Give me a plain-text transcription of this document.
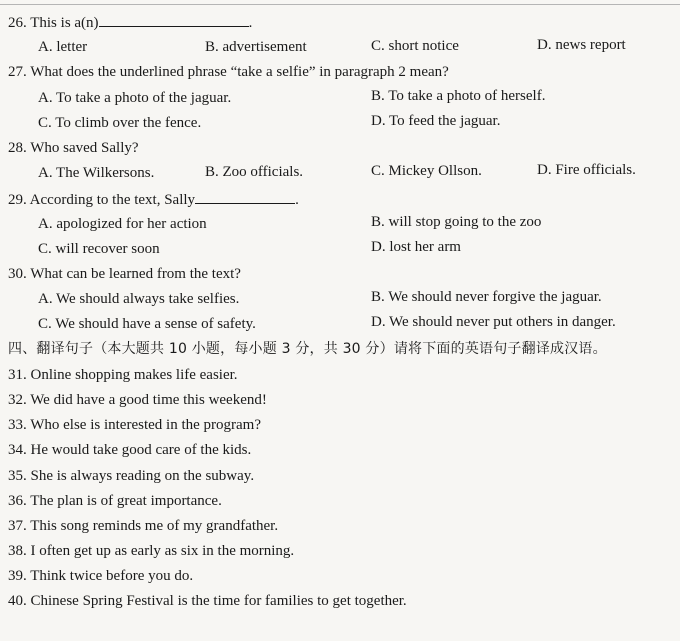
26. This is a(n)	.
A. letter	B. advertisement	C. short notice	D. news report
27. What does the underlined phrase “take a selfie” in paragraph 2 mean?
A. To take a photo of the jaguar.	B. To take a photo of herself.
C. To climb over the fence.	D. To feed the jaguar.
28. Who saved Sally?
A. The Wilkersons.	B. Zoo officials.	C. Mickey Ollson.	D. Fire officials.
29. According to the text, Sally	.
A. apologized for her action	B. will stop going to the zoo
C. will recover soon	D. lost her arm
30. What can be learned from the text?
A. We should always take selfies.	B. We should never forgive the jaguar.
C. We should have a sense of safety.	D. We should never put others in danger.
四、翻译句子（本大题共 10 小题，每小题 3 分，共 30 分）请将下面的英语句子翻译成汉语。
31. Online shopping makes life easier.
32. We did have a good time this weekend!
33. Who else is interested in the program?
34. He would take good care of the kids.
35. She is always reading on the subway.
36. The plan is of great importance.
37. This song reminds me of my grandfather.
38. I often get up as early as six in the morning.
39. Think twice before you do.
40. Chinese Spring Festival is the time for families to get together.
